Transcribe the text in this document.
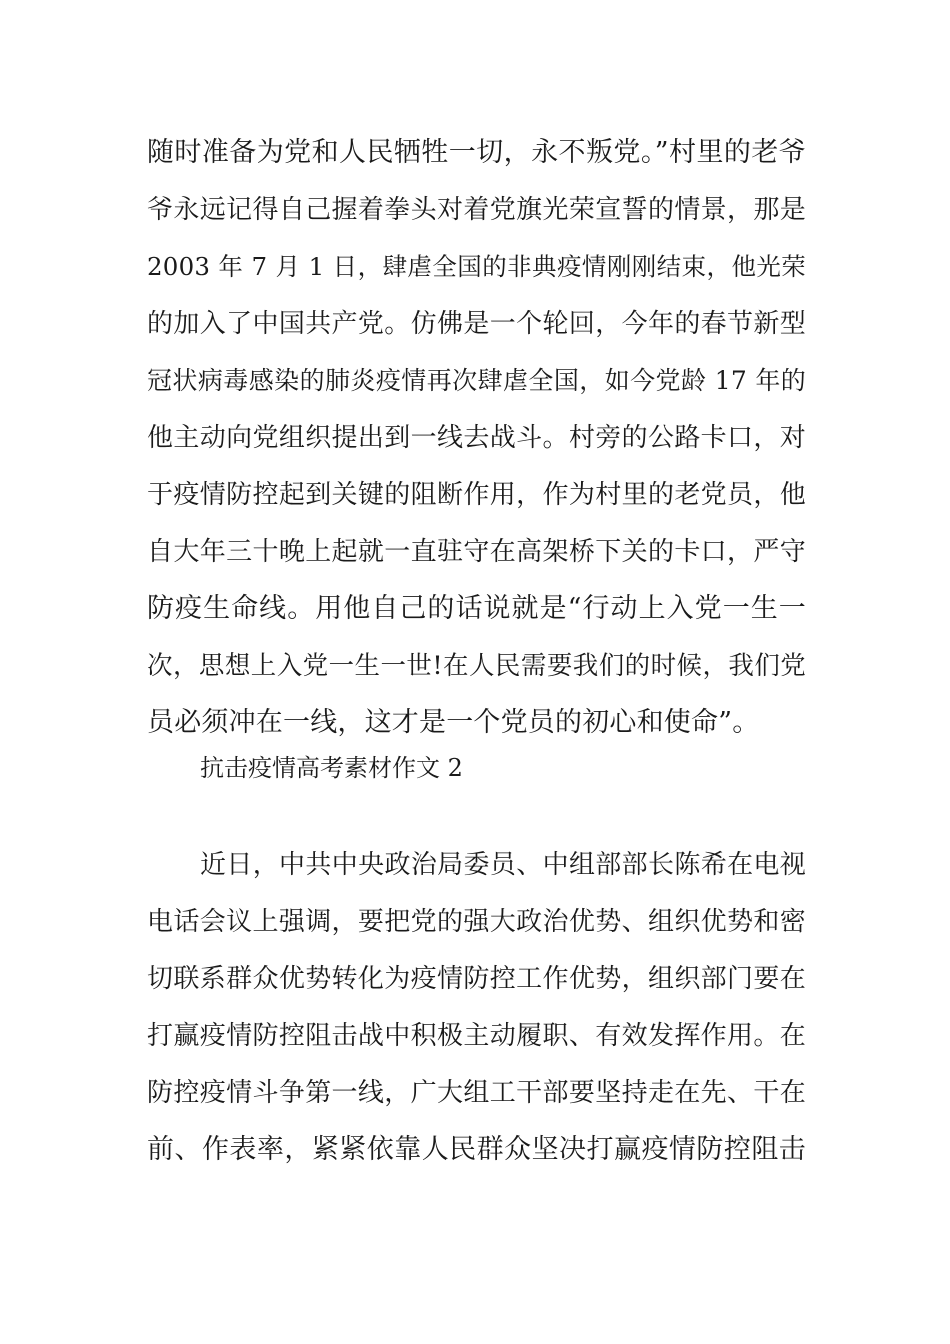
随时准备为党和人民牺牲一切，永不叛党。”村里的老爷
爷永远记得自己握着拳头对着党旗光荣宣誓的情景，那是
2003 年 7 月 1 日，肆虐全国的非典疫情刚刚结束，他光荣
的加入了中国共产党。仿佛是一个轮回，今年的春节新型
冠状病毒感染的肺炎疫情再次肆虐全国，如今党龄 17 年的
他主动向党组织提出到一线去战斗。村旁的公路卡口，对
于疫情防控起到关键的阻断作用，作为村里的老党员，他
自大年三十晚上起就一直驻守在高架桥下关的卡口，严守
防疫生命线。用他自己的话说就是“行动上入党一生一
次，思想上入党一生一世!在人民需要我们的时候，我们党
员必须冲在一线，这才是一个党员的初心和使命”。
抗击疫情高考素材作文 2
近日，中共中央政治局委员、中组部部长陈希在电视
电话会议上强调，要把党的强大政治优势、组织优势和密
切联系群众优势转化为疫情防控工作优势，组织部门要在
打赢疫情防控阻击战中积极主动履职、有效发挥作用。在
防控疫情斗争第一线，广大组工干部要坚持走在先、干在
前、作表率，紧紧依靠人民群众坚决打赢疫情防控阻击
